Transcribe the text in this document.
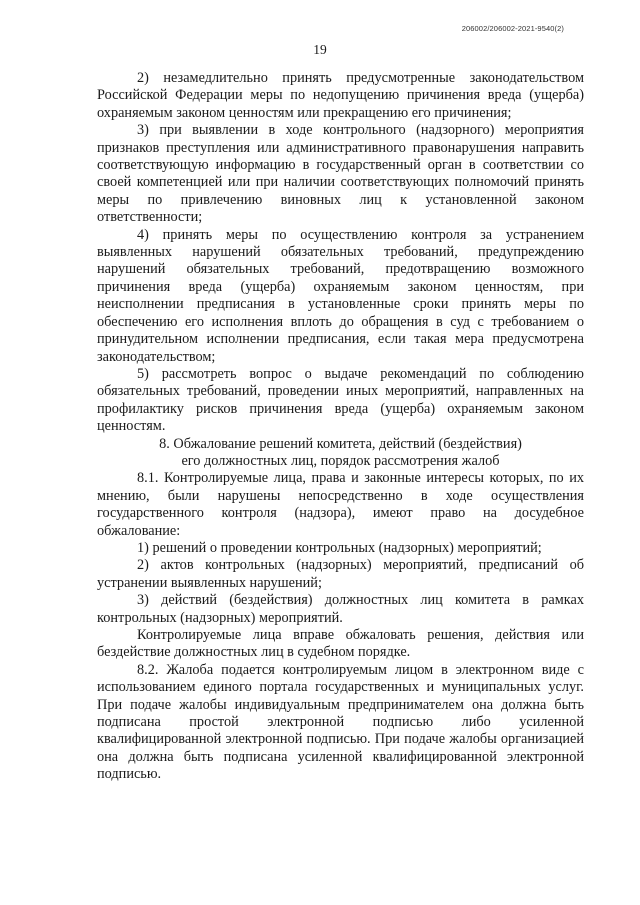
206002/206002-2021-9540(2)
19

2) незамедлительно принять предусмотренные законодательством Российской Федерации меры по недопущению причинения вреда (ущерба) охраняемым законом ценностям или прекращению его причинения;

3) при выявлении в ходе контрольного (надзорного) мероприятия признаков преступления или административного правонарушения направить соответствующую информацию в государственный орган в соответствии со своей компетенцией или при наличии соответствующих полномочий принять меры по привлечению виновных лиц к установленной законом ответственности;

4) принять меры по осуществлению контроля за устранением выявленных нарушений обязательных требований, предупреждению нарушений обязательных требований, предотвращению возможного причинения вреда (ущерба) охраняемым законом ценностям, при неисполнении предписания в установленные сроки принять меры по обеспечению его исполнения вплоть до обращения в суд с требованием о принудительном исполнении предписания, если такая мера предусмотрена законодательством;

5) рассмотреть вопрос о выдаче рекомендаций по соблюдению обязательных требований, проведении иных мероприятий, направленных на профилактику рисков причинения вреда (ущерба) охраняемым законом ценностям.

8. Обжалование решений комитета, действий (бездействия)
его должностных лиц, порядок рассмотрения жалоб

8.1. Контролируемые лица, права и законные интересы которых, по их мнению, были нарушены непосредственно в ходе осуществления государственного контроля (надзора), имеют право на досудебное обжалование:

1) решений о проведении контрольных (надзорных) мероприятий;

2) актов контрольных (надзорных) мероприятий, предписаний об устранении выявленных нарушений;

3) действий (бездействия) должностных лиц комитета в рамках контрольных (надзорных) мероприятий.

Контролируемые лица вправе обжаловать решения, действия или бездействие должностных лиц в судебном порядке.

8.2. Жалоба подается контролируемым лицом в электронном виде с использованием единого портала государственных и муниципальных услуг. При подаче жалобы индивидуальным предпринимателем она должна быть подписана простой электронной подписью либо усиленной квалифицированной электронной подписью. При подаче жалобы организацией она должна быть подписана усиленной квалифицированной электронной подписью.
